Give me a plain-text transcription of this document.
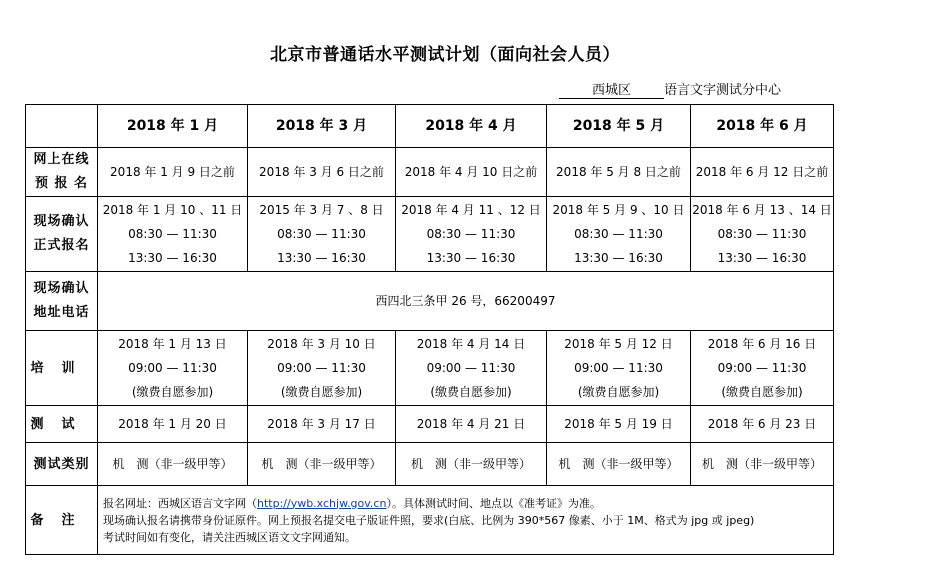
北京市普通话水平测试计划（面向社会人员）
西城区	语言文字测试分中心
	2018 年 1 月	2018 年 3 月	2018 年 4 月	2018 年 5 月	2018 年 6 月

网上在线
预 报 名	2018 年 1 月 9 日之前	2018 年 3 月 6 日之前	2018 年 4 月 10 日之前	2018 年 5 月 8 日之前	2018 年 6 月 12 日之前

现场确认
正式报名	2018 年 1 月 10 、11 日
08:30 — 11:30
13:30 — 16:30	2015 年 3 月 7 、8 日
08:30 — 11:30
13:30 — 16:30	2018 年 4 月 11 、12 日
08:30 — 11:30
13:30 — 16:30	2018 年 5 月 9 、10 日
08:30 — 11:30
13:30 — 16:30	2018 年 6 月 13 、14 日
08:30 — 11:30
13:30 — 16:30

现场确认
地址电话	西四北三条甲 26 号，66200497				
培训	2018 年 1 月 13 日
09:00 — 11:30
(缴费自愿参加)	2018 年 3 月 10 日
09:00 — 11:30
(缴费自愿参加)	2018 年 4 月 14 日
09:00 — 11:30
(缴费自愿参加)	2018 年 5 月 12 日
09:00 — 11:30
(缴费自愿参加)	2018 年 6 月 16 日
09:00 — 11:30
(缴费自愿参加)

测试	2018 年 1 月 20 日	2018 年 3 月 17 日	2018 年 4 月 21 日	2018 年 5 月 19 日	2018 年 6 月 23 日
测试类别	机　测（非一级甲等）	机　测（非一级甲等）	机　测（非一级甲等）	机　测（非一级甲等）	机　测（非一级甲等）
备注	报名网址：西城区语言文字网（http://ywb.xchjw.gov.cn）。具体测试时间、地点以《准考证》为准。
现场确认报名请携带身份证原件。网上预报名提交电子版证件照，要求(白底、比例为 390*567 像素、小于 1M、格式为 jpg 或 jpeg)
考试时间如有变化，请关注西城区语文文字网通知。				
